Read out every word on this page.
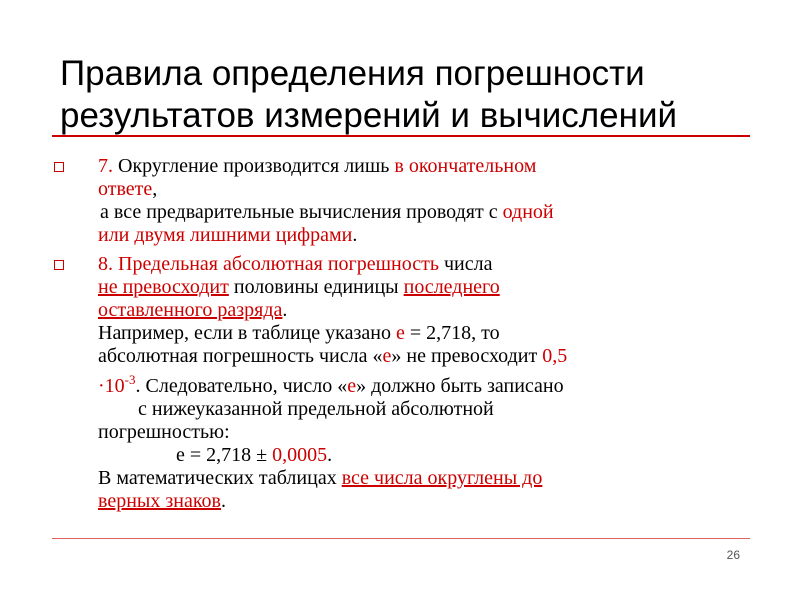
Правила определения погрешности
результатов измерений и вычислений
7. Округление производится лишь в окончательном
ответе,
а все предварительные вычисления проводят с одной
или двумя лишними цифрами.
8. Предельная абсолютная погрешность числа
не превосходит половины единицы последнего
оставленного разряда.
Например, если в таблице указано е = 2,718, то
абсолютная погрешность числа «е» не превосходит 0,5
$\cdot 10^{-3}$. Следовательно, число «е» должно быть записано
с нижеуказанной предельной абсолютной
погрешностью:
е = 2,718 ± 0,0005.
В математических таблицах все числа округлены до
верных знаков.
26
